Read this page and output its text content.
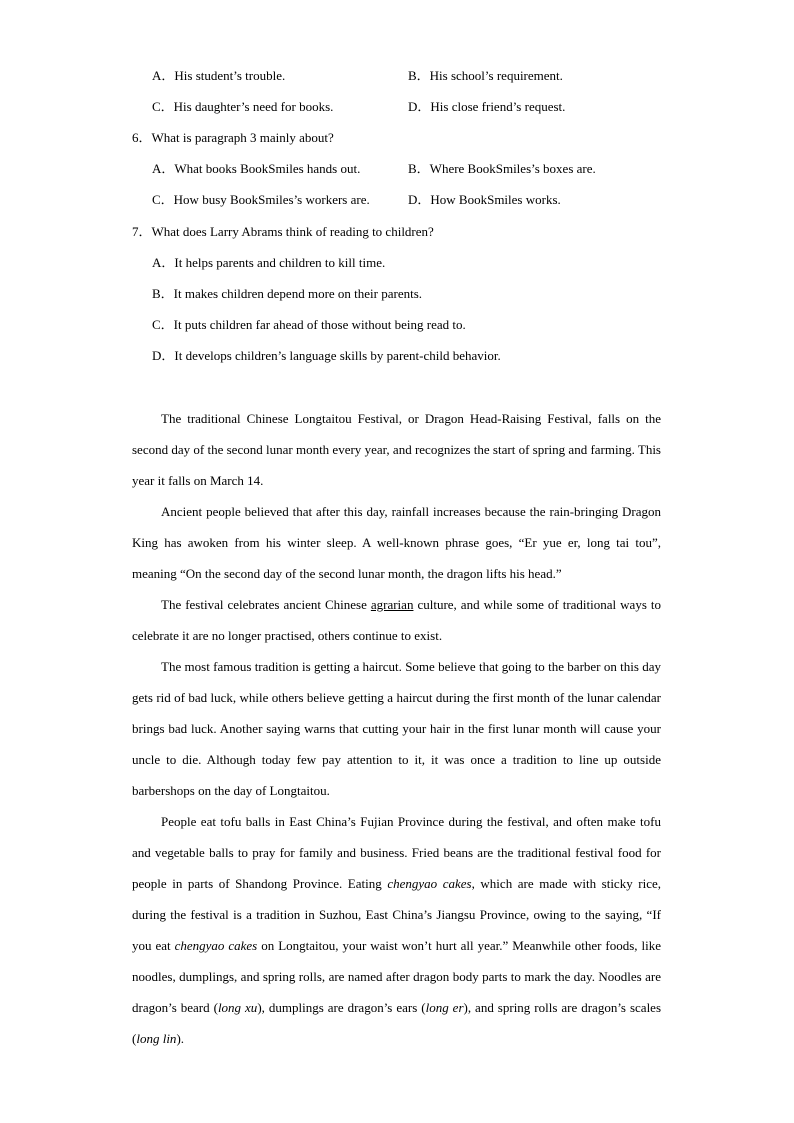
A．His student’s trouble.	B．His school’s requirement.
C．His daughter’s need for books.	D．His close friend’s request.
6．What is paragraph 3 mainly about?
A．What books BookSmiles hands out.	B．Where BookSmiles’s boxes are.
C．How busy BookSmiles’s workers are.	D．How BookSmiles works.
7．What does Larry Abrams think of reading to children?
A．It helps parents and children to kill time.
B．It makes children depend more on their parents.
C．It puts children far ahead of those without being read to.
D．It develops children’s language skills by parent-child behavior.

The traditional Chinese Longtaitou Festival, or Dragon Head-Raising Festival, falls on the second day of the second lunar month every year, and recognizes the start of spring and farming. This year it falls on March 14.

Ancient people believed that after this day, rainfall increases because the rain-bringing Dragon King has awoken from his winter sleep. A well-known phrase goes, “Er yue er, long tai tou”, meaning “On the second day of the second lunar month, the dragon lifts his head.”

The festival celebrates ancient Chinese agrarian culture, and while some of traditional ways to celebrate it are no longer practised, others continue to exist.

The most famous tradition is getting a haircut. Some believe that going to the barber on this day gets rid of bad luck, while others believe getting a haircut during the first month of the lunar calendar brings bad luck. Another saying warns that cutting your hair in the first lunar month will cause your uncle to die. Although today few pay attention to it, it was once a tradition to line up outside barbershops on the day of Longtaitou.

People eat tofu balls in East China’s Fujian Province during the festival, and often make tofu and vegetable balls to pray for family and business. Fried beans are the traditional festival food for people in parts of Shandong Province. Eating chengyao cakes, which are made with sticky rice, during the festival is a tradition in Suzhou, East China’s Jiangsu Province, owing to the saying, “If you eat chengyao cakes on Longtaitou, your waist won’t hurt all year.” Meanwhile other foods, like noodles, dumplings, and spring rolls, are named after dragon body parts to mark the day. Noodles are dragon’s beard (long xu), dumplings are dragon’s ears (long er), and spring rolls are dragon’s scales (long lin).
